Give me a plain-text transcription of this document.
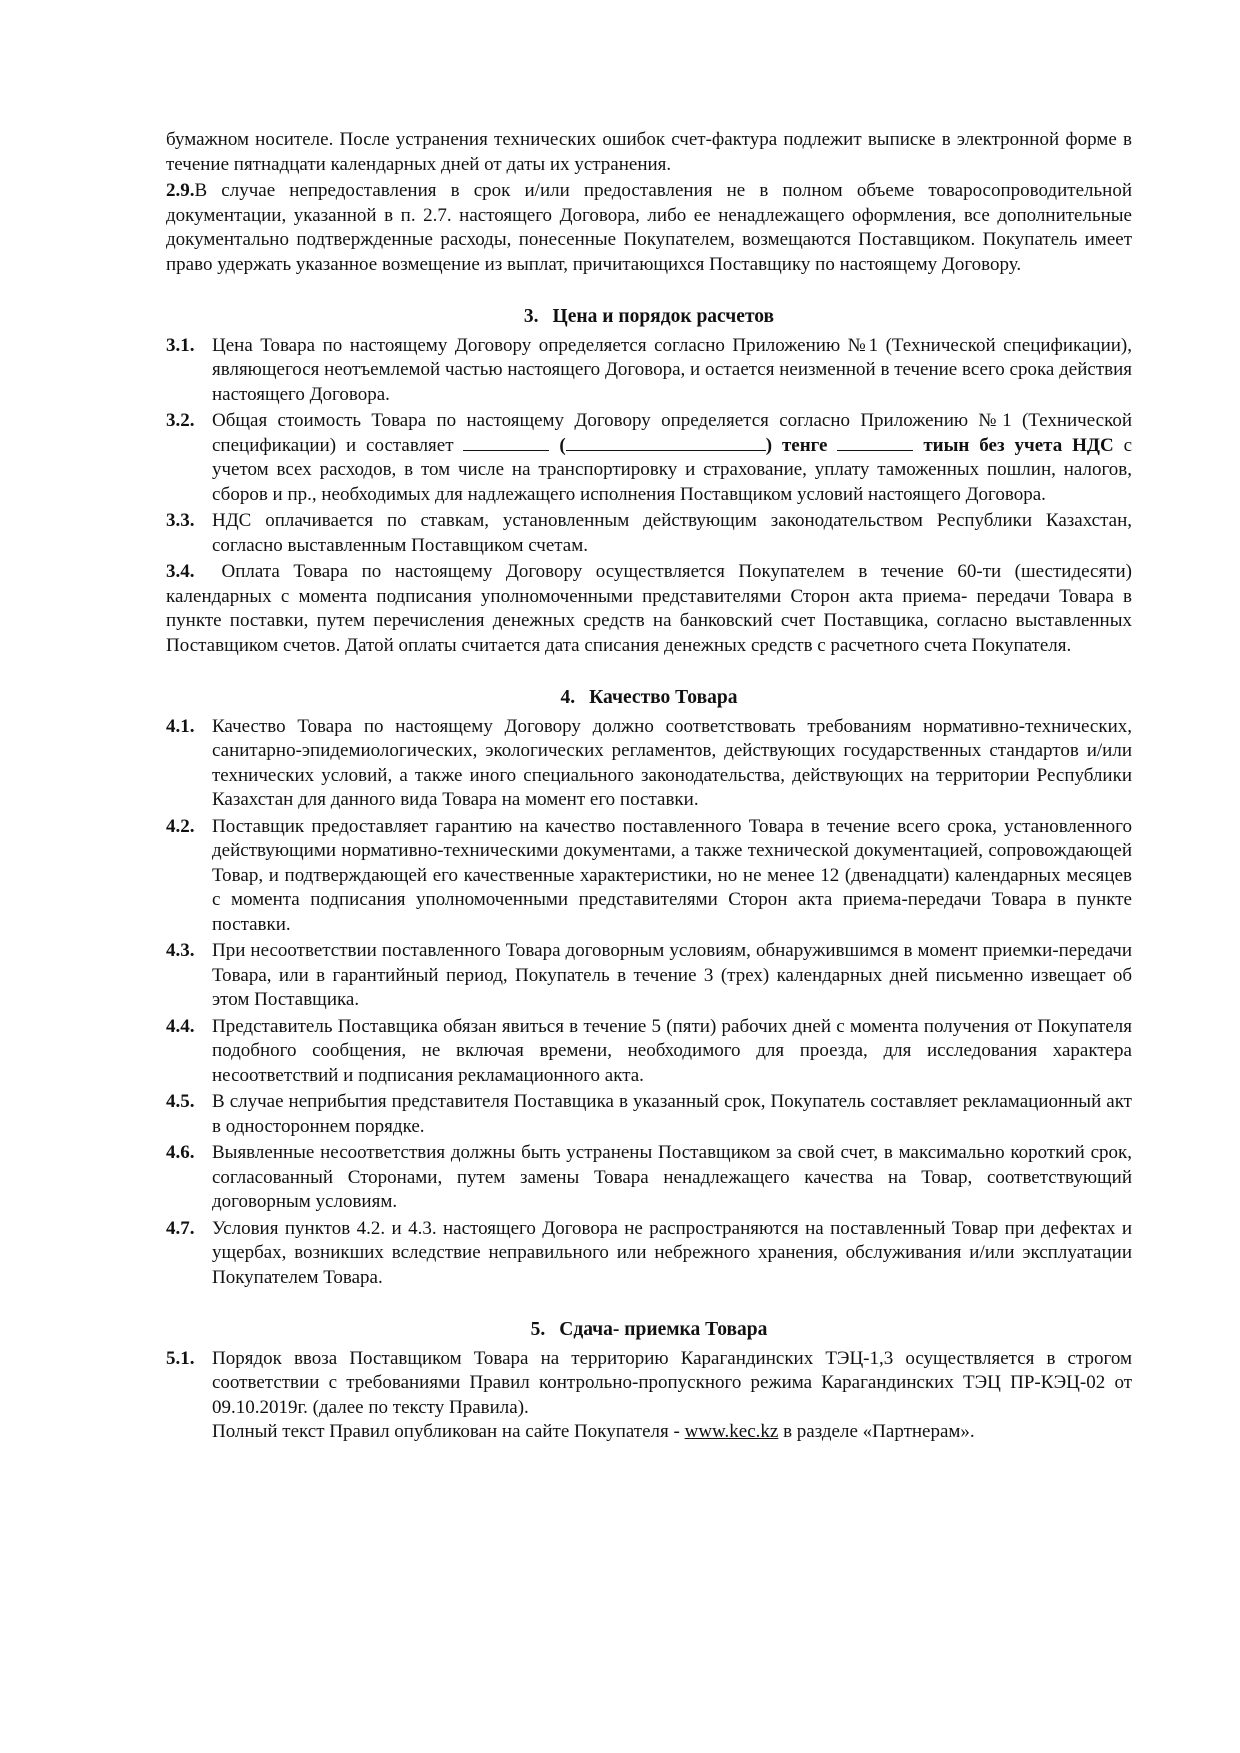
бумажном носителе. После устранения технических ошибок счет-фактура подлежит выписке в электронной форме в течение пятнадцати календарных дней от даты их устранения.

2.9.В случае непредоставления в срок и/или предоставления не в полном объеме товаросопроводительной документации, указанной в п. 2.7. настоящего Договора, либо ее ненадлежащего оформления, все дополнительные документально подтвержденные расходы, понесенные Покупателем, возмещаются Поставщиком. Покупатель имеет право удержать указанное возмещение из выплат, причитающихся Поставщику по настоящему Договору.

3. Цена и порядок расчетов
3.1. Цена Товара по настоящему Договору определяется согласно Приложению №1 (Технической спецификации), являющегося неотъемлемой частью настоящего Договора, и остается неизменной в течение всего срока действия настоящего Договора.
3.2. Общая стоимость Товара по настоящему Договору определяется согласно Приложению №1 (Технической спецификации) и составляет	(	) тенге	тиын без учета НДС с учетом всех расходов, в том числе на транспортировку и страхование, уплату таможенных пошлин, налогов, сборов и пр., необходимых для надлежащего исполнения Поставщиком условий настоящего Договора.
3.3. НДС оплачивается по ставкам, установленным действующим законодательством Республики Казахстан, согласно выставленным Поставщиком счетам.

3.4. Оплата Товара по настоящему Договору осуществляется Покупателем в течение 60-ти (шестидесяти) календарных с момента подписания уполномоченными представителями Сторон акта приема- передачи Товара в пункте поставки, путем перечисления денежных средств на банковский счет Поставщика, согласно выставленных Поставщиком счетов. Датой оплаты считается дата списания денежных средств с расчетного счета Покупателя.

4. Качество Товара
4.1. Качество Товара по настоящему Договору должно соответствовать требованиям нормативно-технических, санитарно-эпидемиологических, экологических регламентов, действующих государственных стандартов и/или технических условий, а также иного специального законодательства, действующих на территории Республики Казахстан для данного вида Товара на момент его поставки.
4.2. Поставщик предоставляет гарантию на качество поставленного Товара в течение всего срока, установленного действующими нормативно-техническими документами, а также технической документацией, сопровождающей Товар, и подтверждающей его качественные характеристики, но не менее 12 (двенадцати) календарных месяцев с момента подписания уполномоченными представителями Сторон акта приема-передачи Товара в пункте поставки.
4.3. При несоответствии поставленного Товара договорным условиям, обнаружившимся в момент приемки-передачи Товара, или в гарантийный период, Покупатель в течение 3 (трех) календарных дней письменно извещает об этом Поставщика.
4.4. Представитель Поставщика обязан явиться в течение 5 (пяти) рабочих дней с момента получения от Покупателя подобного сообщения, не включая времени, необходимого для проезда, для исследования характера несоответствий и подписания рекламационного акта.
4.5. В случае неприбытия представителя Поставщика в указанный срок, Покупатель составляет рекламационный акт в одностороннем порядке.
4.6. Выявленные несоответствия должны быть устранены Поставщиком за свой счет, в максимально короткий срок, согласованный Сторонами, путем замены Товара ненадлежащего качества на Товар, соответствующий договорным условиям.
4.7. Условия пунктов 4.2. и 4.3. настоящего Договора не распространяются на поставленный Товар при дефектах и ущербах, возникших вследствие неправильного или небрежного хранения, обслуживания и/или эксплуатации Покупателем Товара.
5. Сдача- приемка Товара
5.1. Порядок ввоза Поставщиком Товара на территорию Карагандинских ТЭЦ-1,3 осуществляется в строгом соответствии с требованиями Правил контрольно-пропускного режима Карагандинских ТЭЦ ПР-КЭЦ-02 от 09.10.2019г. (далее по тексту Правила).
Полный текст Правил опубликован на сайте Покупателя - www.kec.kz в разделе «Партнерам».
